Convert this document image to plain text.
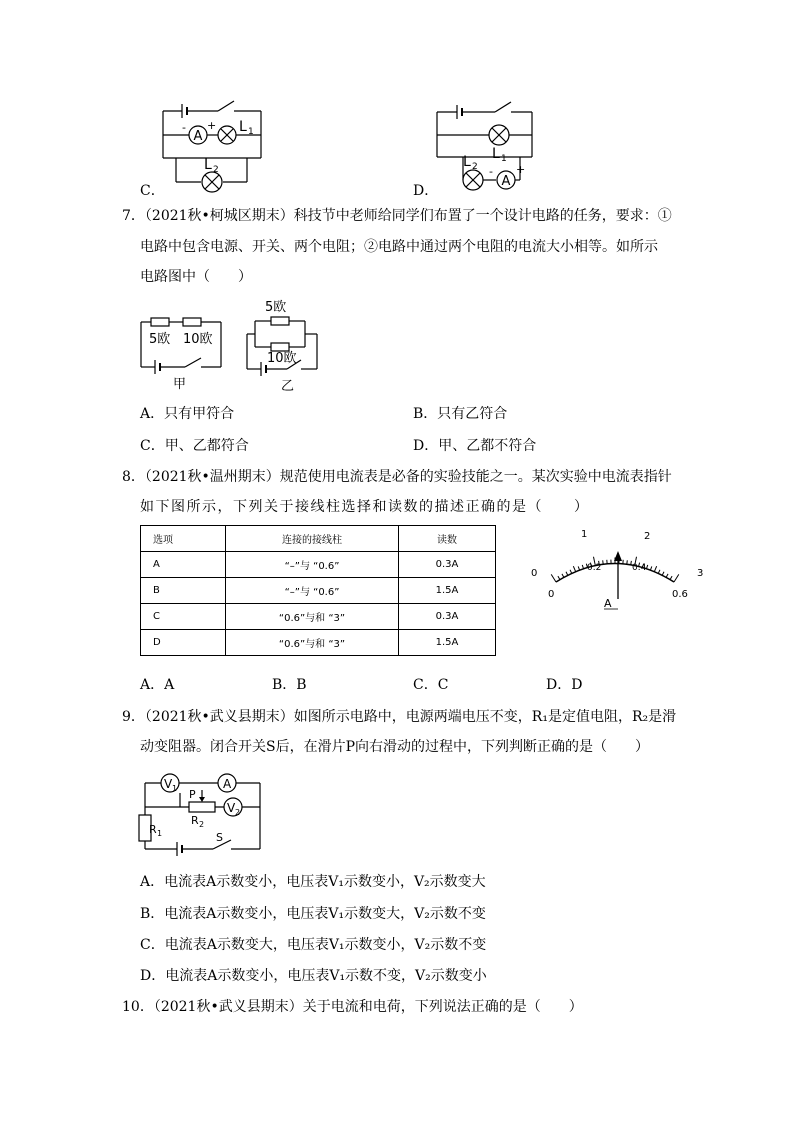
A
- + L 1
L 2
C．
A
- +
L 1
L 2
D．
7．（2021秋•柯城区期末）科技节中老师给同学们布置了一个设计电路的任务，要求：①
电路中包含电源、开关、两个电阻；②电路中通过两个电阻的电流大小相等。如所示
电路图中（　　）
5欧 10欧
甲
5欧
10欧
乙
A．只有甲符合	B．只有乙符合
C．甲、乙都符合	D．甲、乙都不符合
8．（2021秋•温州期末）规范使用电流表是必备的实验技能之一。某次实验中电流表指针
如下图所示，下列关于接线柱选择和读数的描述正确的是（　　）
选项	连接的接线柱	读数
A	“–”与 “0.6”	0.3A
B	“–”与 “0.6”	1.5A
C	“0.6”与和 “3”	0.3A
D	“0.6”与和 “3”	1.5A
0
1	2
3
0
0.2	0.4
0.6
A
A．A	B．B	C．C	D．D
9．（2021秋•武义县期末）如图所示电路中，电源两端电压不变，R₁是定值电阻，R₂是滑
动变阻器。闭合开关S后，在滑片P向右滑动的过程中，下列判断正确的是（　　）
V 1	A
V 2
P
R 2
R 1	S
A．电流表A示数变小，电压表V₁示数变小，V₂示数变大
B．电流表A示数变小，电压表V₁示数变大，V₂示数不变
C．电流表A示数变大，电压表V₁示数变小，V₂示数不变
D．电流表A示数变小，电压表V₁示数不变，V₂示数变小
10．（2021秋•武义县期末）关于电流和电荷，下列说法正确的是（　　）
